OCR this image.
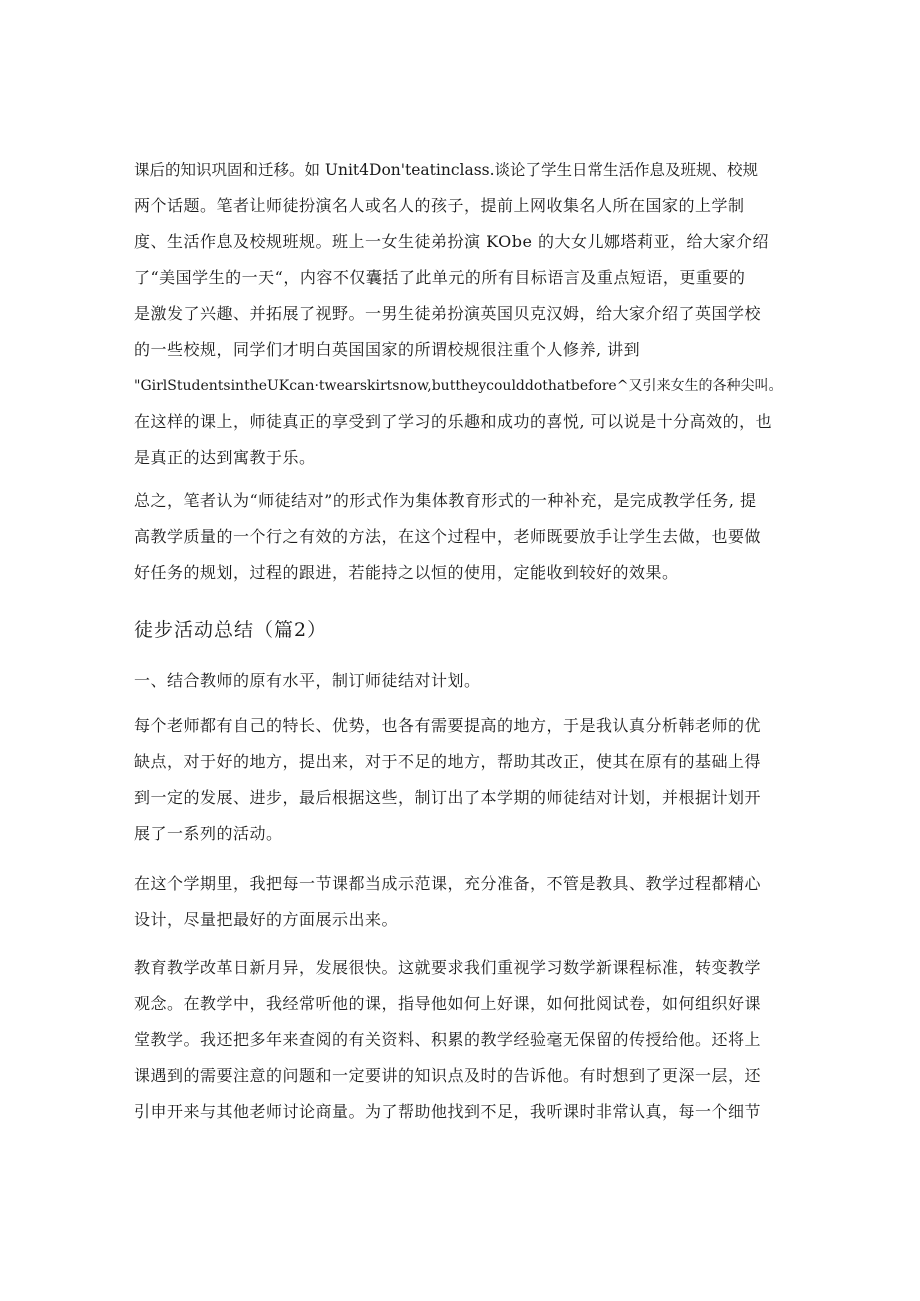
课后的知识巩固和迁移。如 Unit4Don'teatinclass.谈论了学生日常生活作息及班规、校规
两个话题。笔者让师徒扮演名人或名人的孩子，提前上网收集名人所在国家的上学制
度、生活作息及校规班规。班上一女生徒弟扮演 KObe 的大女儿娜塔莉亚，给大家介绍
了“美国学生的一天“，内容不仅囊括了此单元的所有目标语言及重点短语，更重要的
是激发了兴趣、并拓展了视野。一男生徒弟扮演英国贝克汉姆，给大家介绍了英国学校
的一些校规，同学们才明白英国国家的所谓校规很注重个人修养, 讲到
"GirlStudentsintheUKcan·twearskirtsnow,buttheycoulddothatbefore^又引来女生的各种尖叫。
在这样的课上，师徒真正的享受到了学习的乐趣和成功的喜悦, 可以说是十分高效的，也
是真正的达到寓教于乐。
总之，笔者认为“师徒结对”的形式作为集体教育形式的一种补充，是完成教学任务, 提
高教学质量的一个行之有效的方法，在这个过程中，老师既要放手让学生去做，也要做
好任务的规划，过程的跟进，若能持之以恒的使用，定能收到较好的效果。
徒步活动总结（篇2）
一、结合教师的原有水平，制订师徒结对计划。
每个老师都有自己的特长、优势，也各有需要提高的地方，于是我认真分析韩老师的优
缺点，对于好的地方，提出来，对于不足的地方，帮助其改正，使其在原有的基础上得
到一定的发展、进步，最后根据这些，制订出了本学期的师徒结对计划，并根据计划开
展了一系列的活动。
在这个学期里，我把每一节课都当成示范课，充分准备，不管是教具、教学过程都精心
设计，尽量把最好的方面展示出来。
教育教学改革日新月异，发展很快。这就要求我们重视学习数学新课程标准，转变教学
观念。在教学中，我经常听他的课，指导他如何上好课，如何批阅试卷，如何组织好课
堂教学。我还把多年来查阅的有关资料、积累的教学经验毫无保留的传授给他。还将上
课遇到的需要注意的问题和一定要讲的知识点及时的告诉他。有时想到了更深一层，还
引申开来与其他老师讨论商量。为了帮助他找到不足，我听课时非常认真，每一个细节
